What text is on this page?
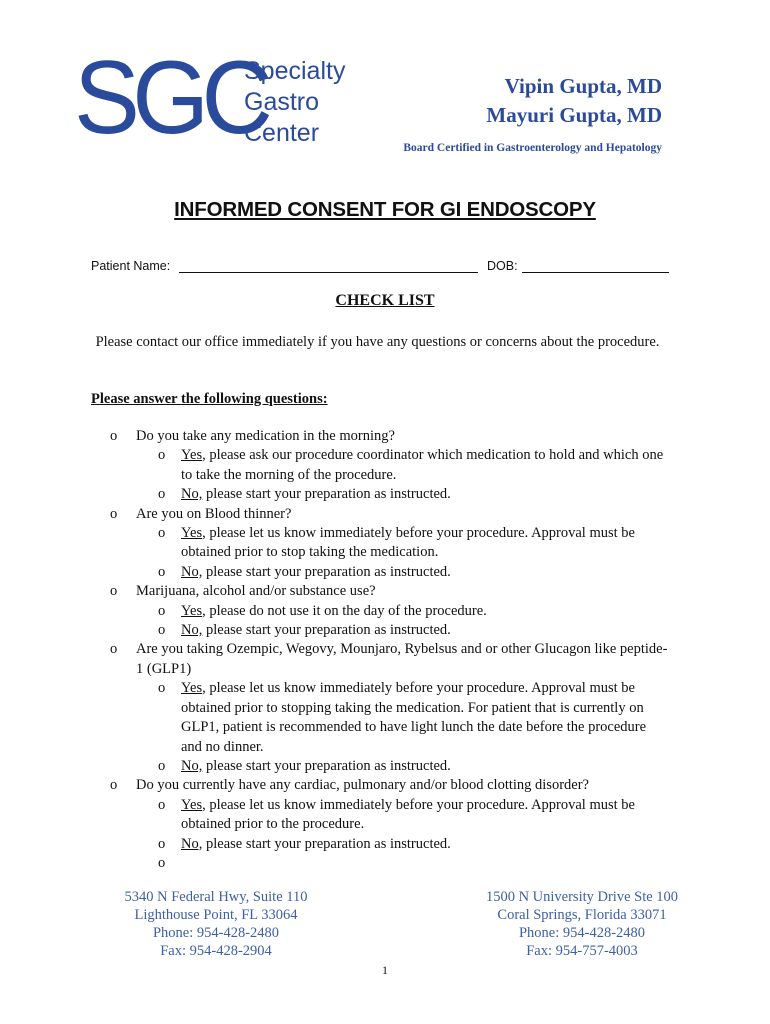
SGC
Specialty
Gastro
Center
Vipin Gupta, MD
Mayuri Gupta, MD
Board Certified in Gastroenterology and Hepatology
INFORMED CONSENT FOR GI ENDOSCOPY
Patient Name:	DOB:
CHECK LIST
Please contact our office immediately if you have any questions or concerns about the procedure.
Please answer the following questions:
o Do you take any medication in the morning?
o Yes, please ask our procedure coordinator which medication to hold and which one to take the morning of the procedure.
o No, please start your preparation as instructed.
o Are you on Blood thinner?
o Yes, please let us know immediately before your procedure. Approval must be obtained prior to stop taking the medication.
o No, please start your preparation as instructed.
o Marijuana, alcohol and/or substance use?
o Yes, please do not use it on the day of the procedure.
o No, please start your preparation as instructed.
o Are you taking Ozempic, Wegovy, Mounjaro, Rybelsus and or other Glucagon like peptide-1 (GLP1)
o Yes, please let us know immediately before your procedure. Approval must be obtained prior to stopping taking the medication. For patient that is currently on GLP1, patient is recommended to have light lunch the date before the procedure and no dinner.
o No, please start your preparation as instructed.
o Do you currently have any cardiac, pulmonary and/or blood clotting disorder?
o Yes, please let us know immediately before your procedure. Approval must be obtained prior to the procedure.
o No, please start your preparation as instructed.
o
5340 N Federal Hwy, Suite 110
Lighthouse Point, FL 33064
Phone: 954-428-2480
Fax: 954-428-2904
1500 N University Drive Ste 100
Coral Springs, Florida 33071
Phone: 954-428-2480
Fax: 954-757-4003
1
